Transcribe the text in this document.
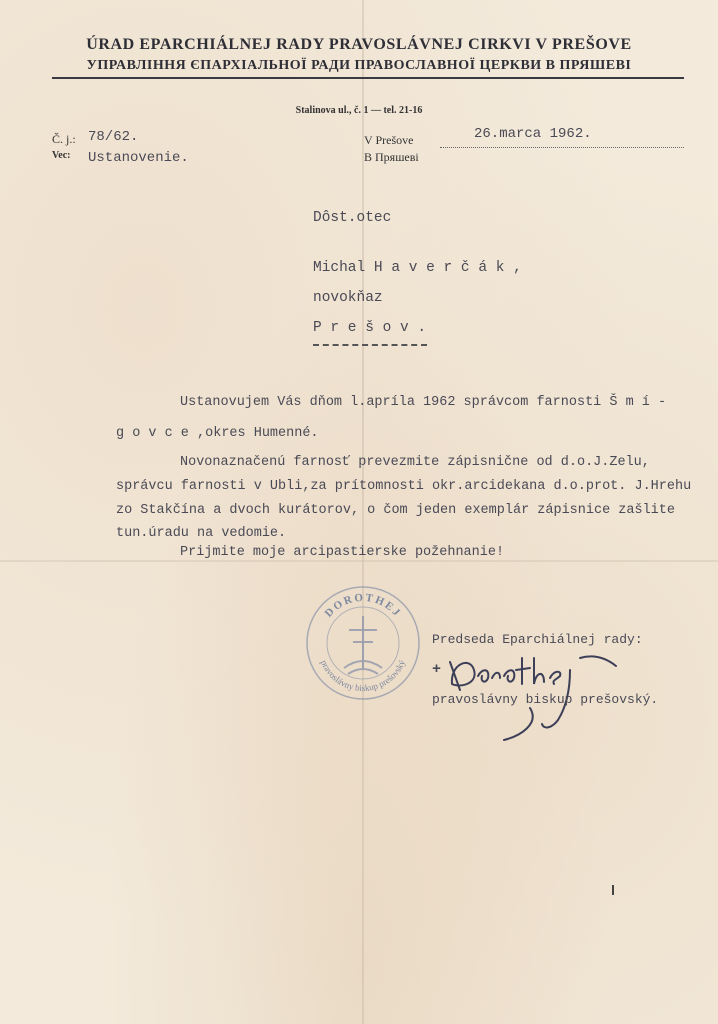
ÚRAD EPARCHIÁLNEJ RADY PRAVOSLÁVNEJ CIRKVI V PREŠOVE
УПРАВЛІННЯ ЄПАРХІАЛЬНОЇ РАДИ ПРАВОСЛАВНОЇ ЦЕРКВИ В ПРЯШЕВІ
Stalinova ul., č. 1 — tel. 21-16
Č. j.: 78/62.
Vec: Ustanovenie.
V Prešove	26.marca 1962.
В Пряшеві
Dôst.otec
Michal H a v e r č á k ,
novokňaz
P r e š o v .
Ustanovujem Vás dňom l.apríla 1962 správcom farnosti Š m í -
g o v c e ,okres Humenné.
Novonaznačenú farnosť prevezmite zápisnične od d.o.J.Zelu,
správcu farnosti v Ubli,za prítomnosti okr.arcidekana d.o.prot. J.Hrehu
zo Stakčína a dvoch kurátorov, o čom jeden exemplár zápisnice zašlite
tun.úradu na vedomie.
Prijmite moje arcipastierske požehnanie!
DOROTHEJ
pravoslávny biskup prešovský
Predseda Eparchiálnej rady:
+
pravoslávny biskup prešovský.
